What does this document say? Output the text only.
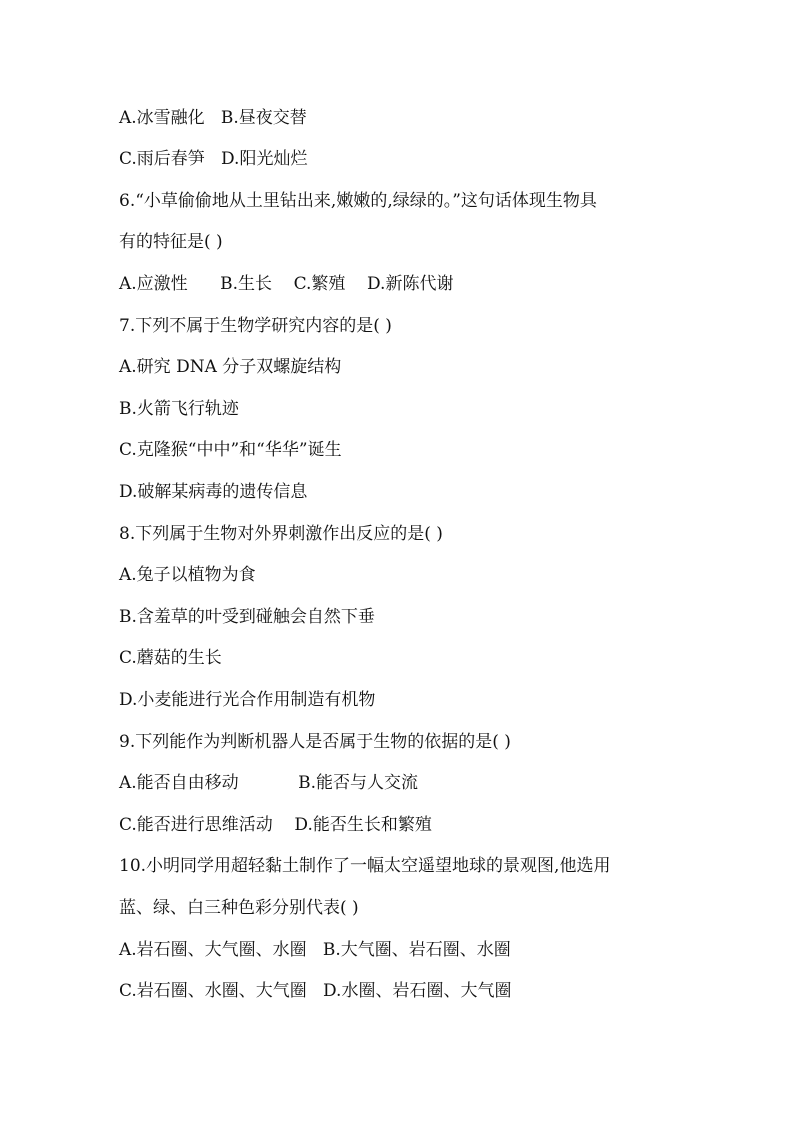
A.冰雪融化   B.昼夜交替
C.雨后春笋   D.阳光灿烂
6.“小草偷偷地从土里钻出来,嫩嫩的,绿绿的。”这句话体现生物具
有的特征是( )
A.应激性      B.生长    C.繁殖    D.新陈代谢
7.下列不属于生物学研究内容的是( )
A.研究 DNA 分子双螺旋结构
B.火箭飞行轨迹
C.克隆猴“中中”和“华华”诞生
D.破解某病毒的遗传信息
8.下列属于生物对外界刺激作出反应的是( )
A.兔子以植物为食
B.含羞草的叶受到碰触会自然下垂
C.蘑菇的生长
D.小麦能进行光合作用制造有机物
9.下列能作为判断机器人是否属于生物的依据的是( )
A.能否自由移动           B.能否与人交流
C.能否进行思维活动    D.能否生长和繁殖
10.小明同学用超轻黏土制作了一幅太空遥望地球的景观图,他选用
蓝、绿、白三种色彩分别代表( )
A.岩石圈、大气圈、水圈   B.大气圈、岩石圈、水圈
C.岩石圈、水圈、大气圈   D.水圈、岩石圈、大气圈
